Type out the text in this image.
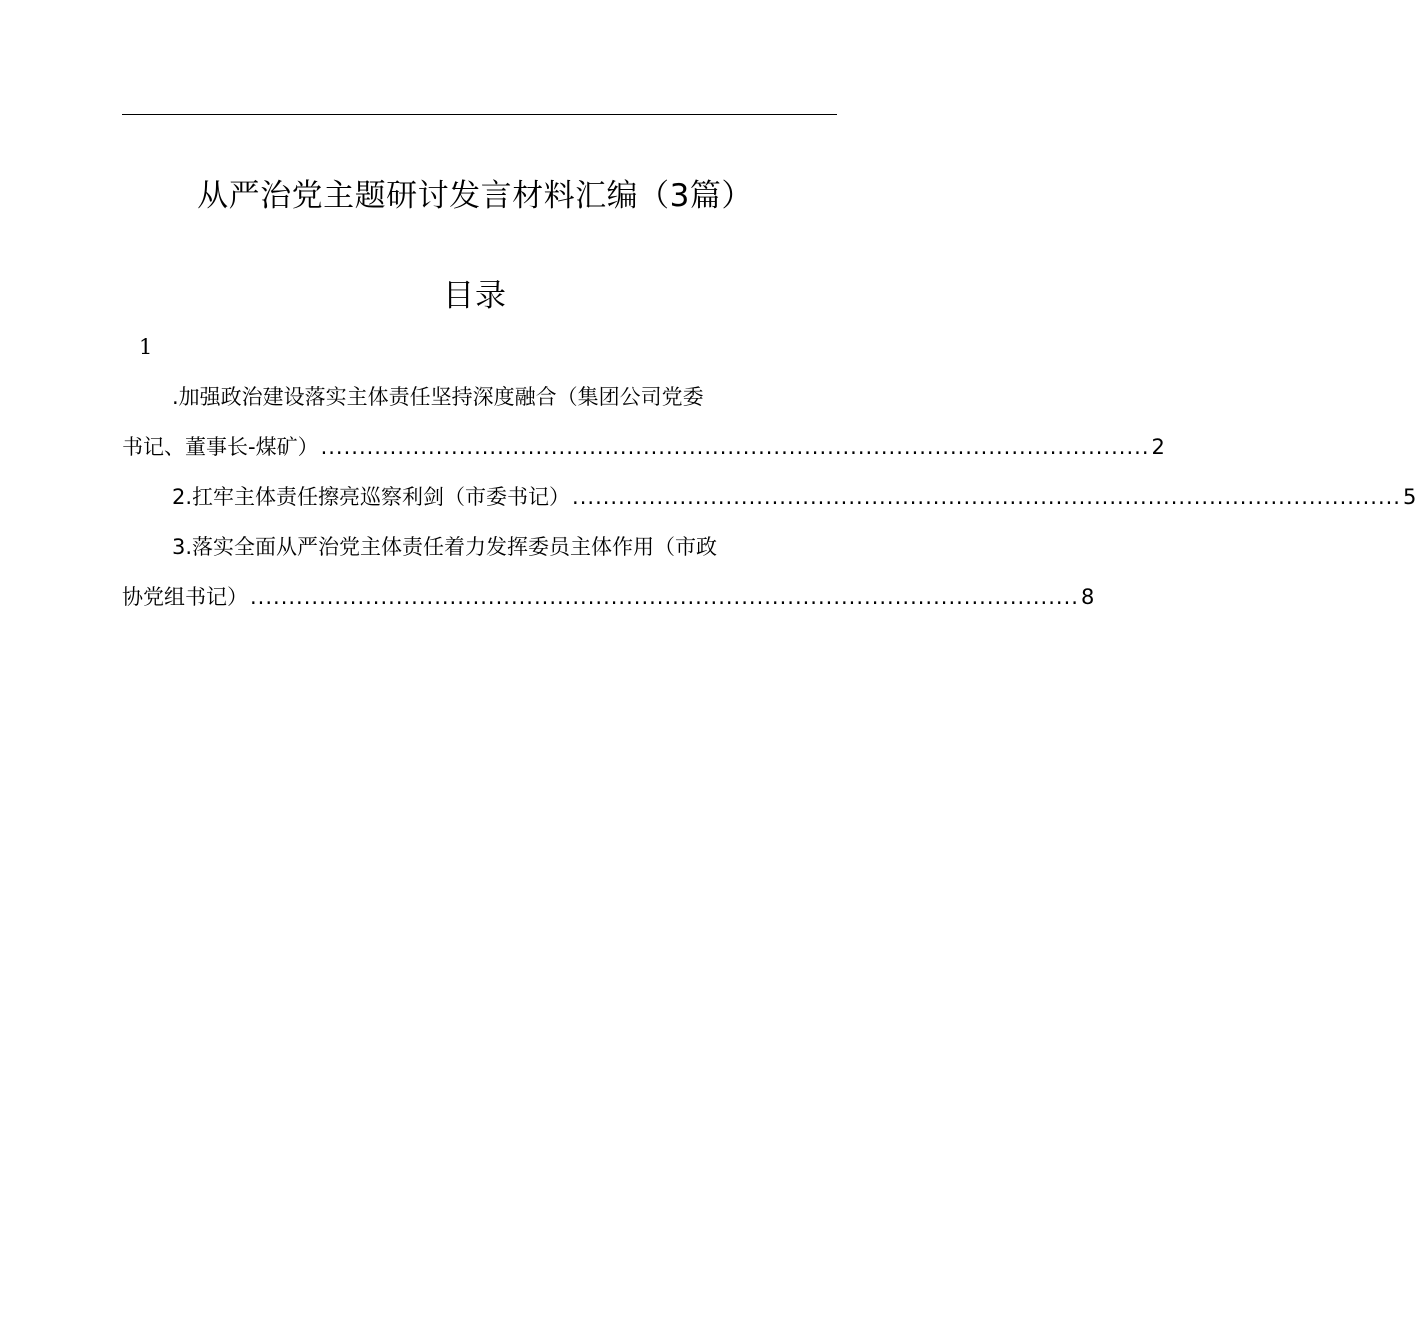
从严治党主题研讨发言材料汇编（3篇）
目录
1
.加强政治建设落实主体责任坚持深度融合（集团公司党委
书记、董事长-煤矿） ............................................................................................................ 2
2.扛牢主体责任擦亮巡察利剑（市委书记） ............................................................................................................ 5
3.落实全面从严治党主体责任着力发挥委员主体作用（市政
协党组书记） ............................................................................................................ 8
